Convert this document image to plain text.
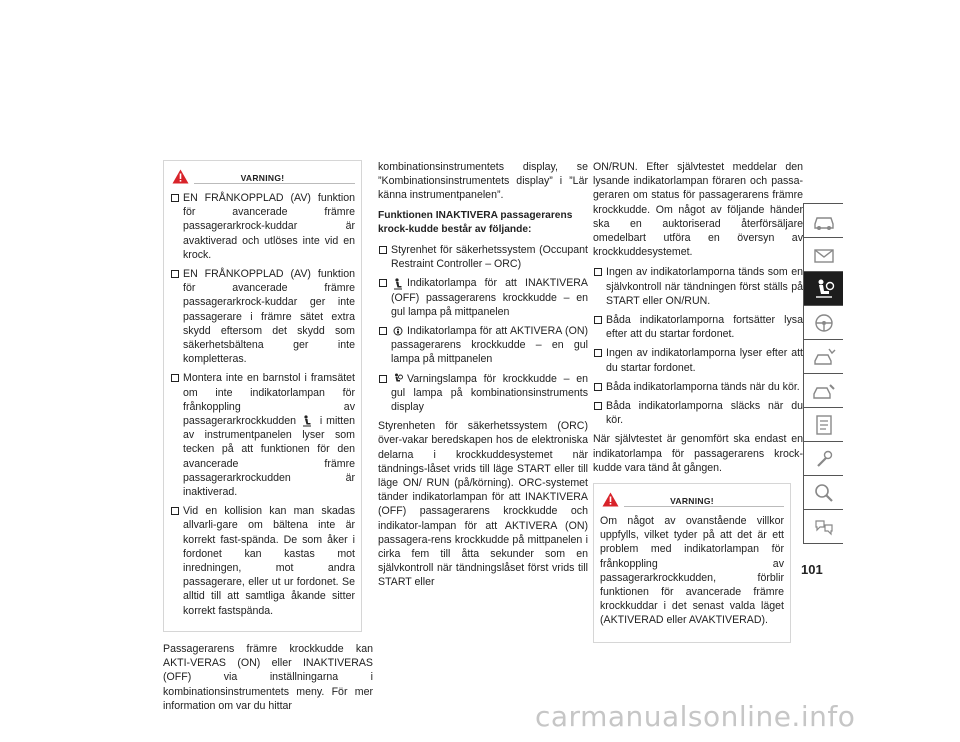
VARNING!
EN FRÅNKOPPLAD (AV) funktion för avancerade främre passagerarkrock-kuddar är avaktiverad och utlöses inte vid en krock.
EN FRÅNKOPPLAD (AV) funktion för avancerade främre passagerarkrock-kuddar ger inte passagerare i främre sätet extra skydd eftersom det skydd som säkerhetsbältena ger inte kompletteras.
Montera inte en barnstol i framsätet om inte indikatorlampan för frånkoppling av passagerarkrockkudden i mitten av instrumentpanelen lyser som tecken på att funktionen för den avancerade främre passagerarkrockudden är inaktiverad.
Vid en kollision kan man skadas allvarli-gare om bältena inte är korrekt fast-spända. De som åker i fordonet kan kastas mot inredningen, mot andra passagerare, eller ut ur fordonet. Se alltid till att samtliga åkande sitter korrekt fastspända.

Passagerarens främre krockkudde kan AKTI-VERAS (ON) eller INAKTIVERAS (OFF) via inställningarna i kombinationsinstrumentets meny. För mer information om var du hittar

kombinationsinstrumentets display, se ”Kombinationsinstrumentets display” i ”Lär känna instrumentpanelen”.

Funktionen INAKTIVERA passagerarens krock-kudde består av följande:
Styrenhet för säkerhetssystem (Occupant Restraint Controller – ORC)
Indikatorlampa för att INAKTIVERA (OFF) passagerarens krockkudde – en gul lampa på mittpanelen
Indikatorlampa för att AKTIVERA (ON) passagerarens krockkudde – en gul lampa på mittpanelen
Varningslampa för krockkudde – en gul lampa på kombinationsinstruments display

Styrenheten för säkerhetssystem (ORC) över-vakar beredskapen hos de elektroniska delarna i krockkuddesystemet när tändnings-låset vrids till läge START eller till läge ON/ RUN (på/körning). ORC-systemet tänder indikatorlampan för att INAKTIVERA (OFF) passagerarens krockkudde och indikator-lampan för att AKTIVERA (ON) passagera-rens krockkudde på mittpanelen i cirka fem till åtta sekunder som en självkontroll när tändningslåset först vrids till START eller

ON/RUN. Efter självtestet meddelar den lysande indikatorlampan föraren och passa-geraren om status för passagerarens främre krockkudde. Om något av följande händer ska en auktoriserad återförsäljare omedelbart utföra en översyn av krockkuddesystemet.

Ingen av indikatorlamporna tänds som en självkontroll när tändningen först ställs på START eller ON/RUN.
Båda indikatorlamporna fortsätter lysa efter att du startar fordonet.
Ingen av indikatorlamporna lyser efter att du startar fordonet.
Båda indikatorlamporna tänds när du kör.
Båda indikatorlamporna släcks när du kör.

När självtestet är genomfört ska endast en indikatorlampa för passagerarens krock-kudde vara tänd åt gången.

VARNING!

Om något av ovanstående villkor uppfylls, vilket tyder på att det är ett problem med indikatorlampan för frånkoppling av passagerarkrockkudden, förblir funktionen för avancerade främre krockkuddar i det senast valda läget (AKTIVERAD eller AVAKTIVERAD).

101
carmanualsonline.info
